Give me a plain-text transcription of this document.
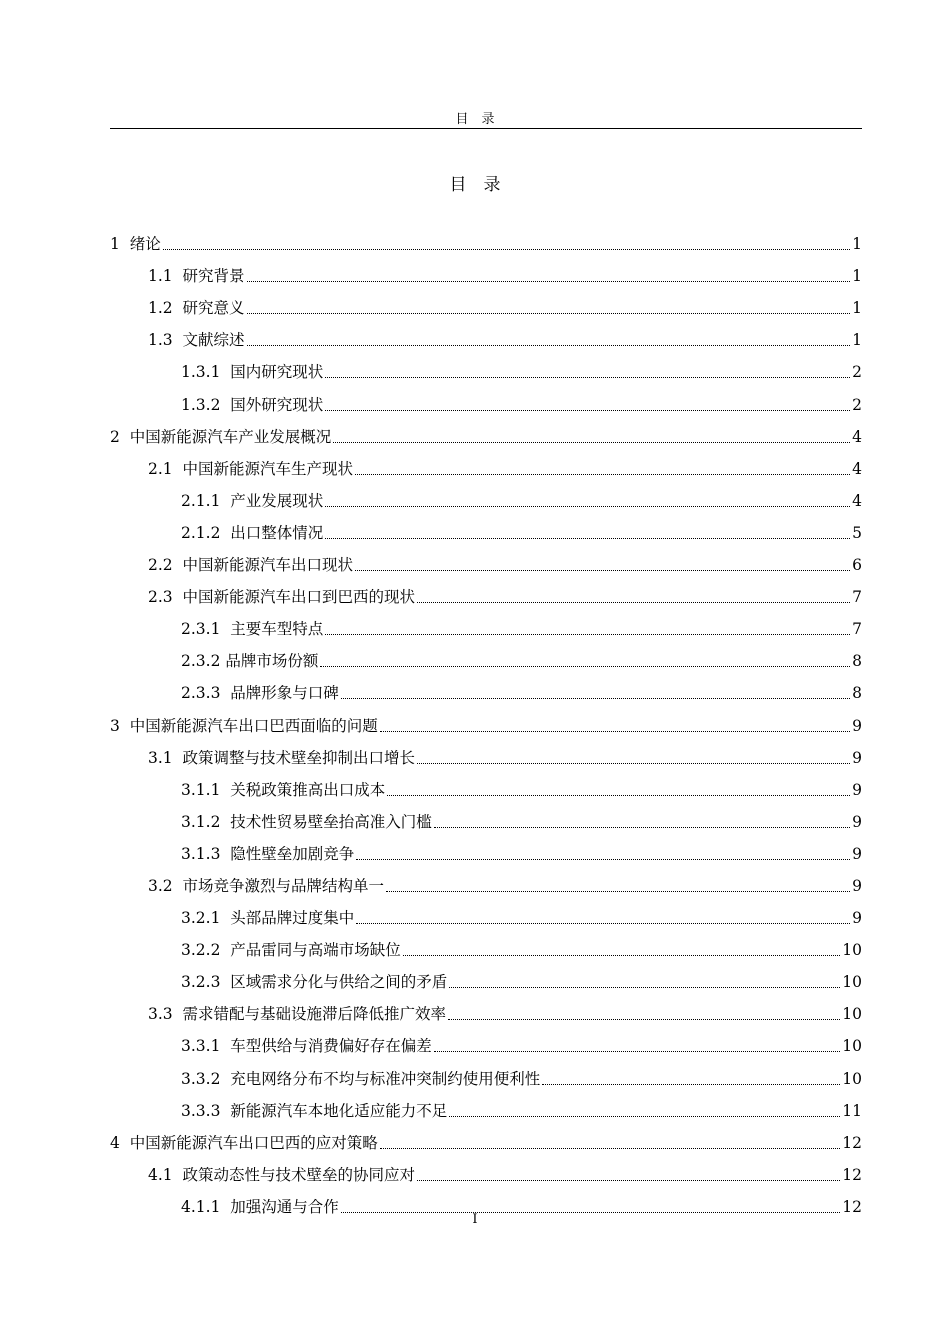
目　录
目　录
1 绪论	1
1.1 研究背景	1
1.2 研究意义	1
1.3 文献综述	1
1.3.1 国内研究现状	2
1.3.2 国外研究现状	2
2 中国新能源汽车产业发展概况	4
2.1 中国新能源汽车生产现状	4
2.1.1 产业发展现状	4
2.1.2 出口整体情况	5
2.2 中国新能源汽车出口现状	6
2.3 中国新能源汽车出口到巴西的现状	7
2.3.1 主要车型特点	7
2.3.2 品牌市场份额	8
2.3.3 品牌形象与口碑	8
3 中国新能源汽车出口巴西面临的问题	9
3.1 政策调整与技术壁垒抑制出口增长	9
3.1.1 关税政策推高出口成本	9
3.1.2 技术性贸易壁垒抬高准入门槛	9
3.1.3 隐性壁垒加剧竞争	9
3.2 市场竞争激烈与品牌结构单一	9
3.2.1 头部品牌过度集中	9
3.2.2 产品雷同与高端市场缺位	10
3.2.3 区域需求分化与供给之间的矛盾	10
3.3 需求错配与基础设施滞后降低推广效率	10
3.3.1 车型供给与消费偏好存在偏差	10
3.3.2 充电网络分布不均与标准冲突制约使用便利性	10
3.3.3 新能源汽车本地化适应能力不足	11
4 中国新能源汽车出口巴西的应对策略	12
4.1 政策动态性与技术壁垒的协同应对	12
4.1.1 加强沟通与合作	12
I
